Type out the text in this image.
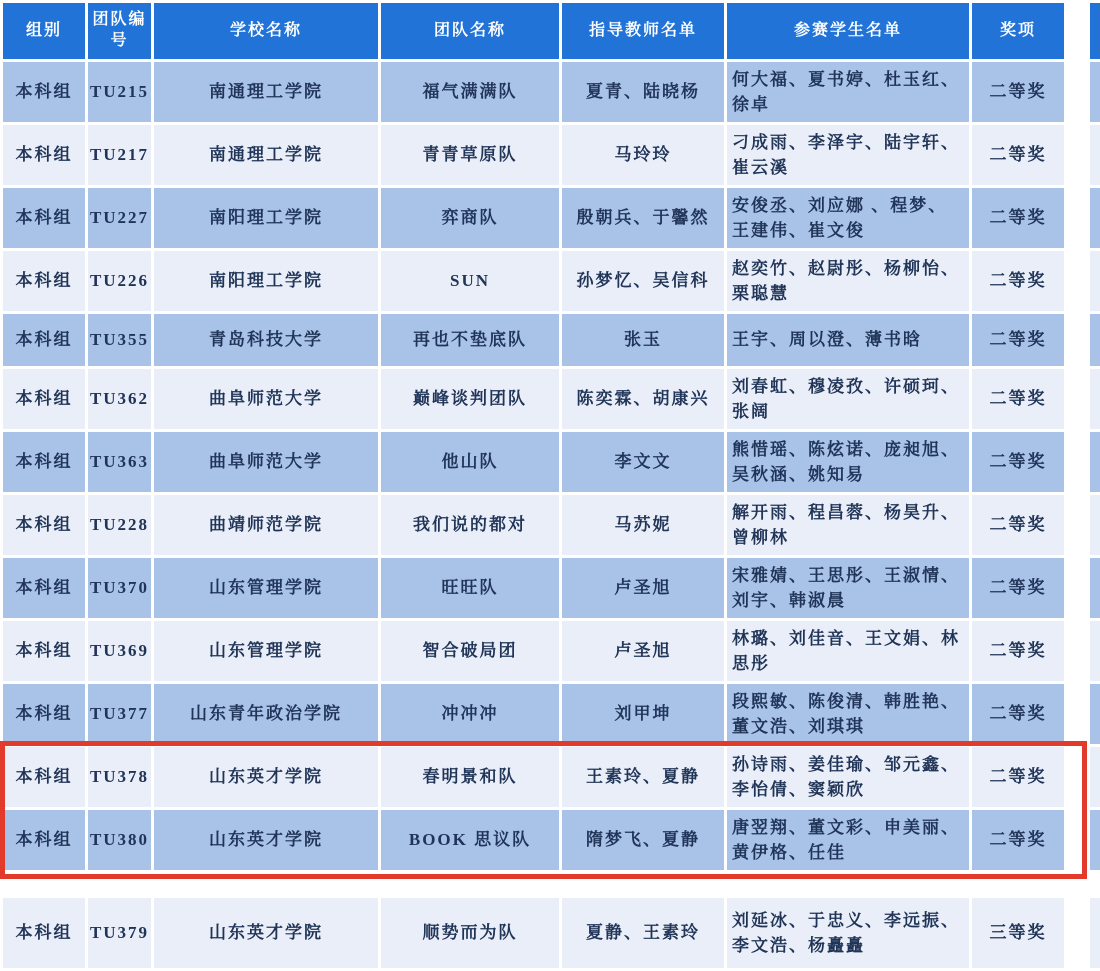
组别	团队编号	学校名称	团队名称	指导教师名单	参赛学生名单	奖项		
本科组	TU215	南通理工学院	福气满满队	夏青、陆晓杨	何大福、夏书婷、杜玉红、徐卓	二等奖		
本科组	TU217	南通理工学院	青青草原队	马玲玲	刁成雨、李泽宇、陆宇轩、崔云溪	二等奖		
本科组	TU227	南阳理工学院	弈商队	殷朝兵、于馨然	安俊丞、刘应娜 、程梦、王建伟、崔文俊	二等奖		
本科组	TU226	南阳理工学院	SUN	孙梦忆、吴信科	赵奕竹、赵尉彤、杨柳怡、栗聪慧	二等奖		
本科组	TU355	青岛科技大学	再也不垫底队	张玉	王宇、周以澄、薄书晗	二等奖		
本科组	TU362	曲阜师范大学	巅峰谈判团队	陈奕霖、胡康兴	刘春虹、穆凌孜、许硕珂、张阔	二等奖		
本科组	TU363	曲阜师范大学	他山队	李文文	熊惜瑶、陈炫诺、庞昶旭、吴秋涵、姚知易	二等奖		
本科组	TU228	曲靖师范学院	我们说的都对	马苏妮	解开雨、程昌蓉、杨昊升、曾柳林	二等奖		
本科组	TU370	山东管理学院	旺旺队	卢圣旭	宋雅婧、王思彤、王淑情、刘宇、韩淑晨	二等奖		
本科组	TU369	山东管理学院	智合破局团	卢圣旭	林璐、刘佳音、王文娟、林思彤	二等奖		
本科组	TU377	山东青年政治学院	冲冲冲	刘甲坤	段熙敏、陈俊清、韩胜艳、董文浩、刘琪琪	二等奖		
本科组	TU378	山东英才学院	春明景和队	王素玲、夏静	孙诗雨、姜佳瑜、邹元鑫、李怡倩、窦颖欣	二等奖		
本科组	TU380	山东英才学院	BOOK 思议队	隋梦飞、夏静	唐翌翔、董文彩、申美丽、黄伊格、任佳	二等奖		
本科组	TU379	山东英才学院	顺势而为队	夏静、王素玲	刘延冰、于忠义、李远振、李文浩、杨矗矗	三等奖		
